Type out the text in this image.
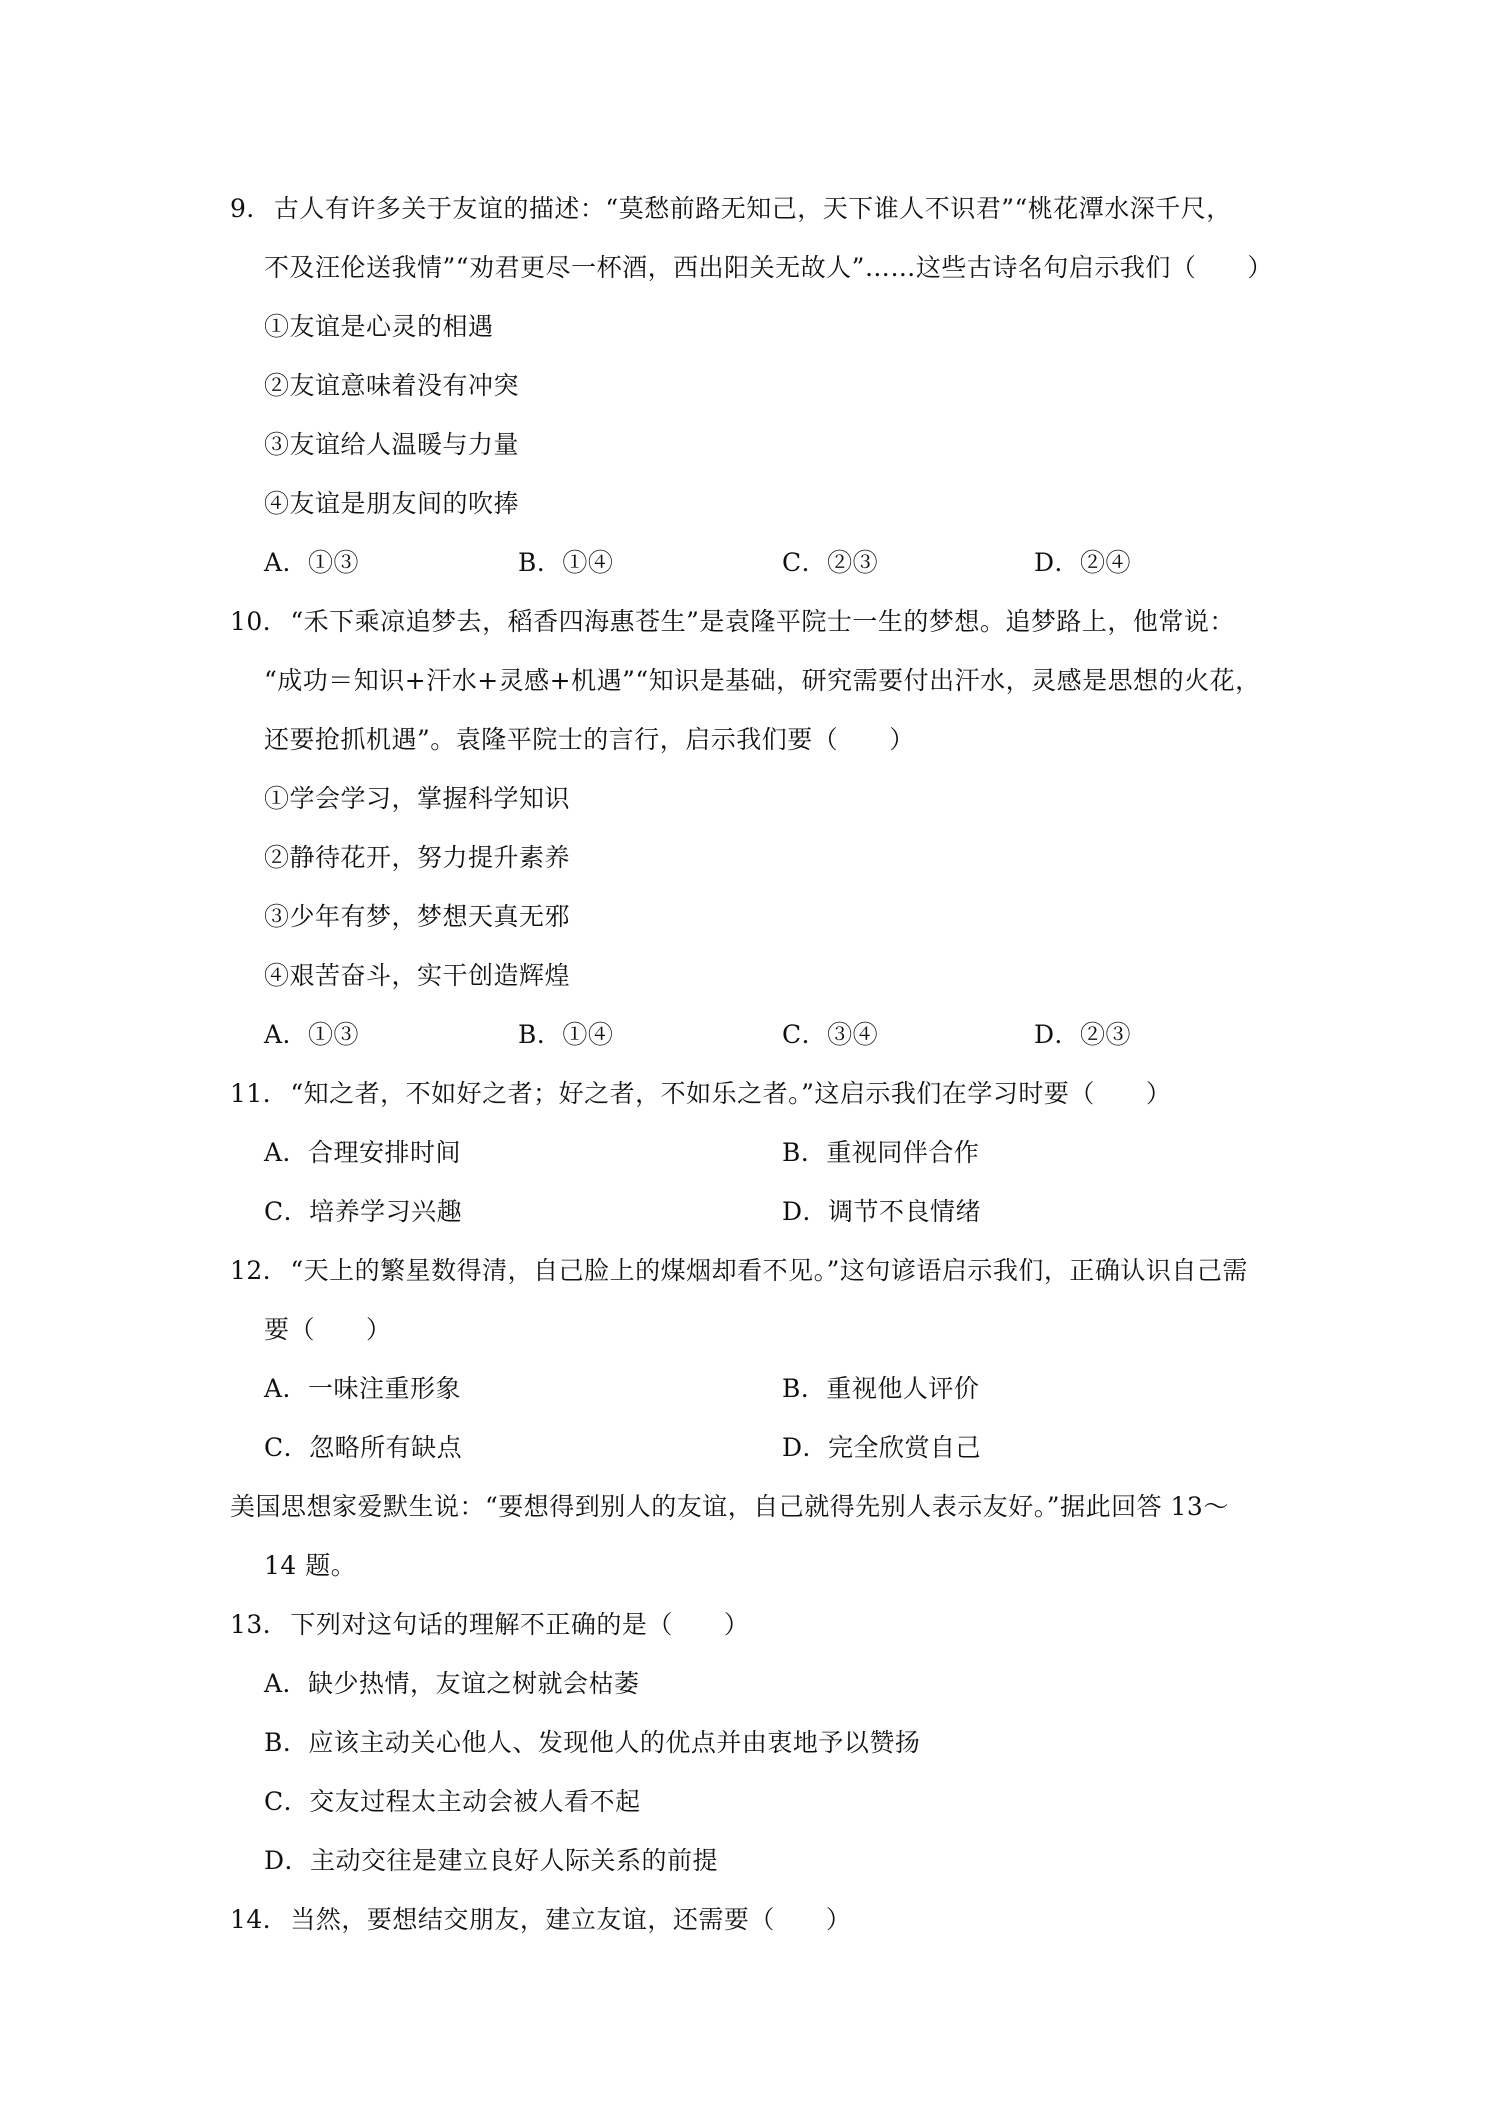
9．古人有许多关于友谊的描述：“莫愁前路无知己，天下谁人不识君”“桃花潭水深千尺，
不及汪伦送我情”“劝君更尽一杯酒，西出阳关无故人”……这些古诗名句启示我们（　　）
①友谊是心灵的相遇
②友谊意味着没有冲突
③友谊给人温暖与力量
④友谊是朋友间的吹捧
A．①③	B．①④	C．②③	D．②④
10．“禾下乘凉追梦去，稻香四海惠苍生”是袁隆平院士一生的梦想。追梦路上，他常说：
“成功＝知识+汗水+灵感+机遇”“知识是基础，研究需要付出汗水，灵感是思想的火花，
还要抢抓机遇”。袁隆平院士的言行，启示我们要（　　）
①学会学习，掌握科学知识
②静待花开，努力提升素养
③少年有梦，梦想天真无邪
④艰苦奋斗，实干创造辉煌
A．①③	B．①④	C．③④	D．②③
11．“知之者，不如好之者；好之者，不如乐之者。”这启示我们在学习时要（　　）
A．合理安排时间	B．重视同伴合作
C．培养学习兴趣	D．调节不良情绪
12．“天上的繁星数得清，自己脸上的煤烟却看不见。”这句谚语启示我们，正确认识自己需
要（　　）
A．一味注重形象	B．重视他人评价
C．忽略所有缺点	D．完全欣赏自己
美国思想家爱默生说：“要想得到别人的友谊，自己就得先别人表示友好。”据此回答 13～
14 题。
13．下列对这句话的理解不正确的是（　　）
A．缺少热情，友谊之树就会枯萎
B．应该主动关心他人、发现他人的优点并由衷地予以赞扬
C．交友过程太主动会被人看不起
D．主动交往是建立良好人际关系的前提
14．当然，要想结交朋友，建立友谊，还需要（　　）
